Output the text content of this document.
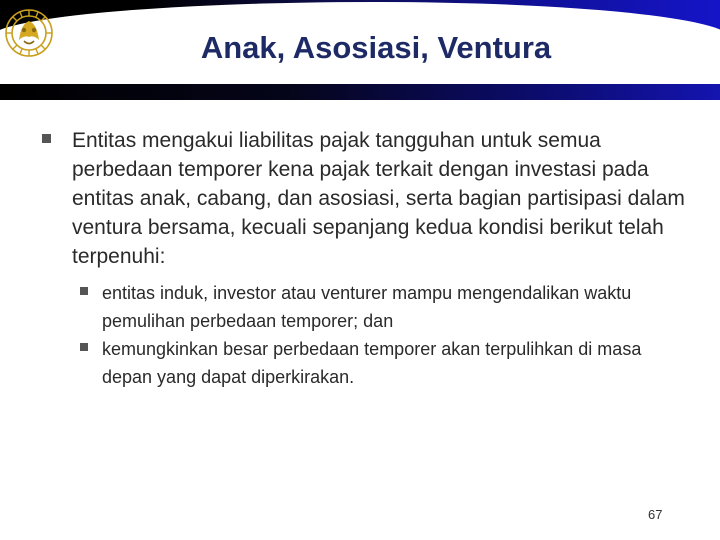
Anak, Asosiasi, Ventura
Entitas mengakui liabilitas pajak tangguhan untuk semua perbedaan temporer kena pajak terkait dengan investasi pada entitas anak, cabang, dan asosiasi, serta bagian partisipasi dalam ventura bersama, kecuali sepanjang kedua kondisi berikut telah terpenuhi:
entitas induk, investor atau venturer mampu mengendalikan waktu pemulihan perbedaan temporer; dan
kemungkinkan besar perbedaan temporer akan terpulihkan di masa depan yang dapat diperkirakan.
67
